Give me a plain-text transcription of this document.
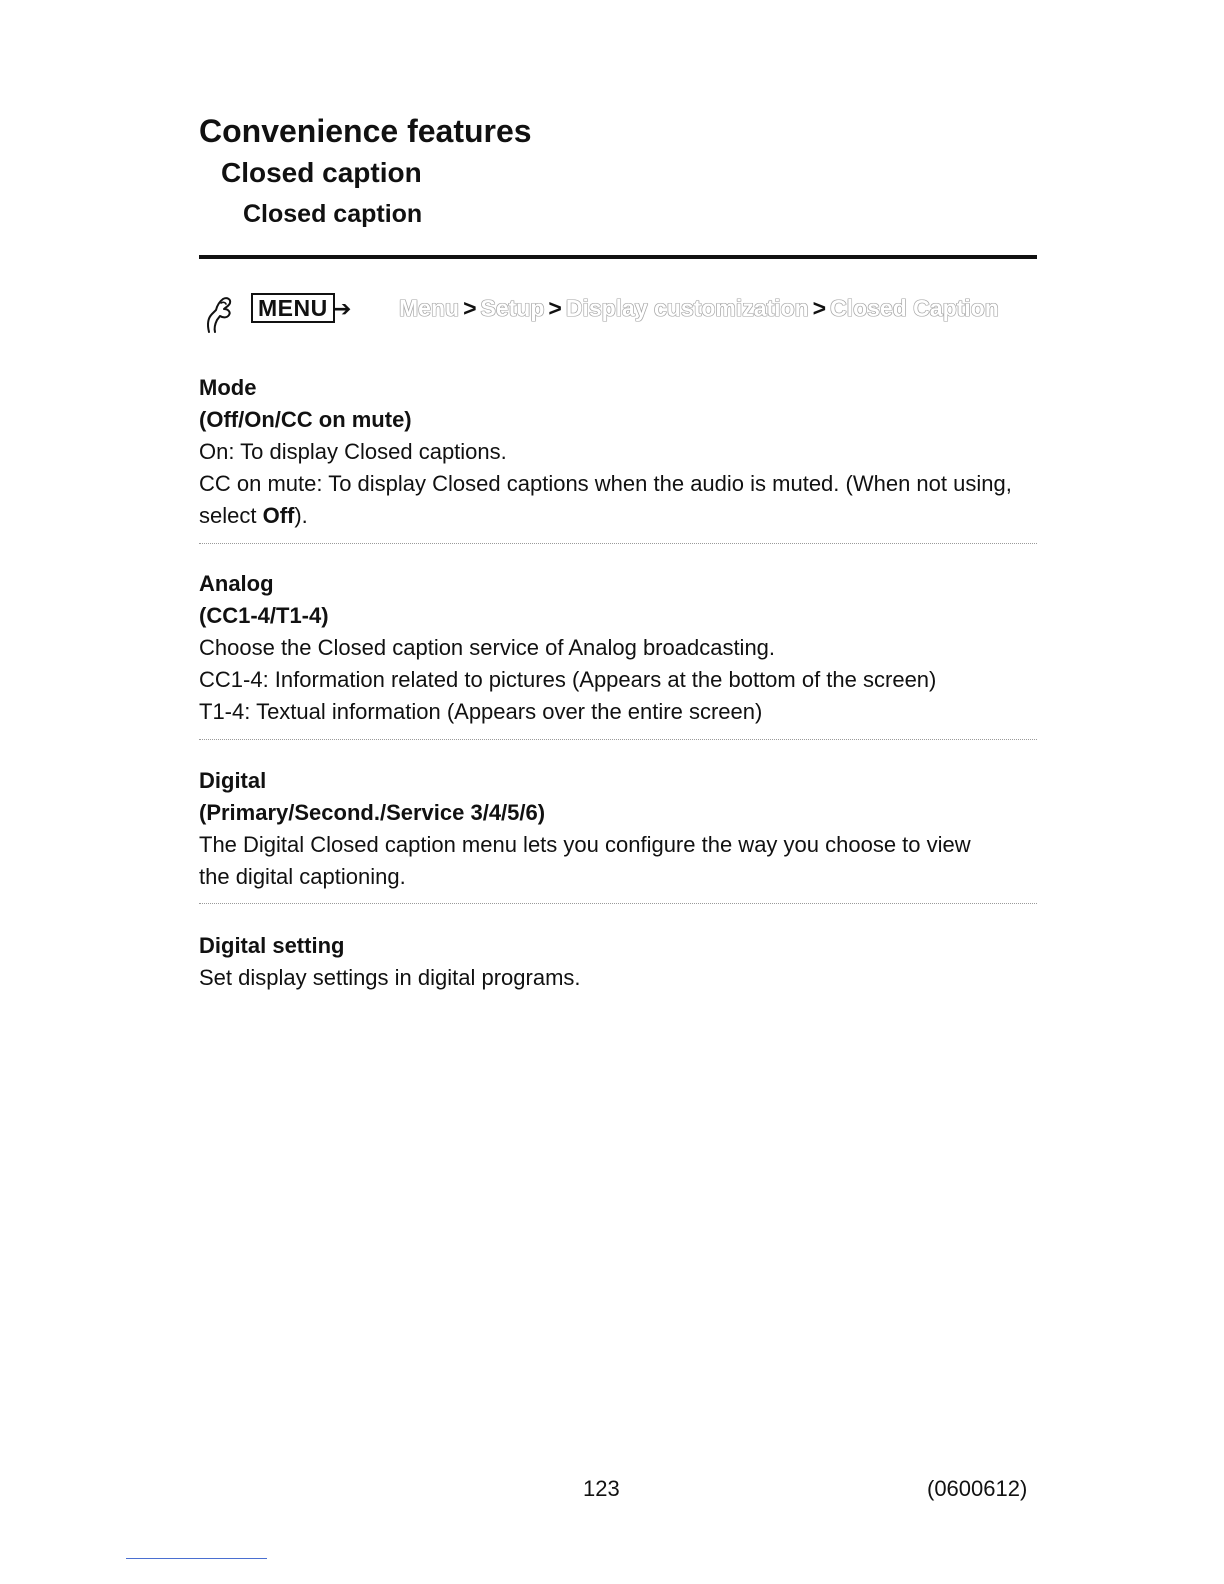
Convenience features
Closed caption
Closed caption
MENU ➔ Menu > Setup > Display customization > Closed Caption
Mode
(Off/On/CC on mute)
On: To display Closed captions.
CC on mute: To display Closed captions when the audio is muted. (When not using, select Off).
Analog
(CC1-4/T1-4)
Choose the Closed caption service of Analog broadcasting.
CC1-4: Information related to pictures (Appears at the bottom of the screen)
T1-4: Textual information (Appears over the entire screen)
Digital
(Primary/Second./Service 3/4/5/6)
The Digital Closed caption menu lets you configure the way you choose to view the digital captioning.
Digital setting
Set display settings in digital programs.
123	(0600612)
